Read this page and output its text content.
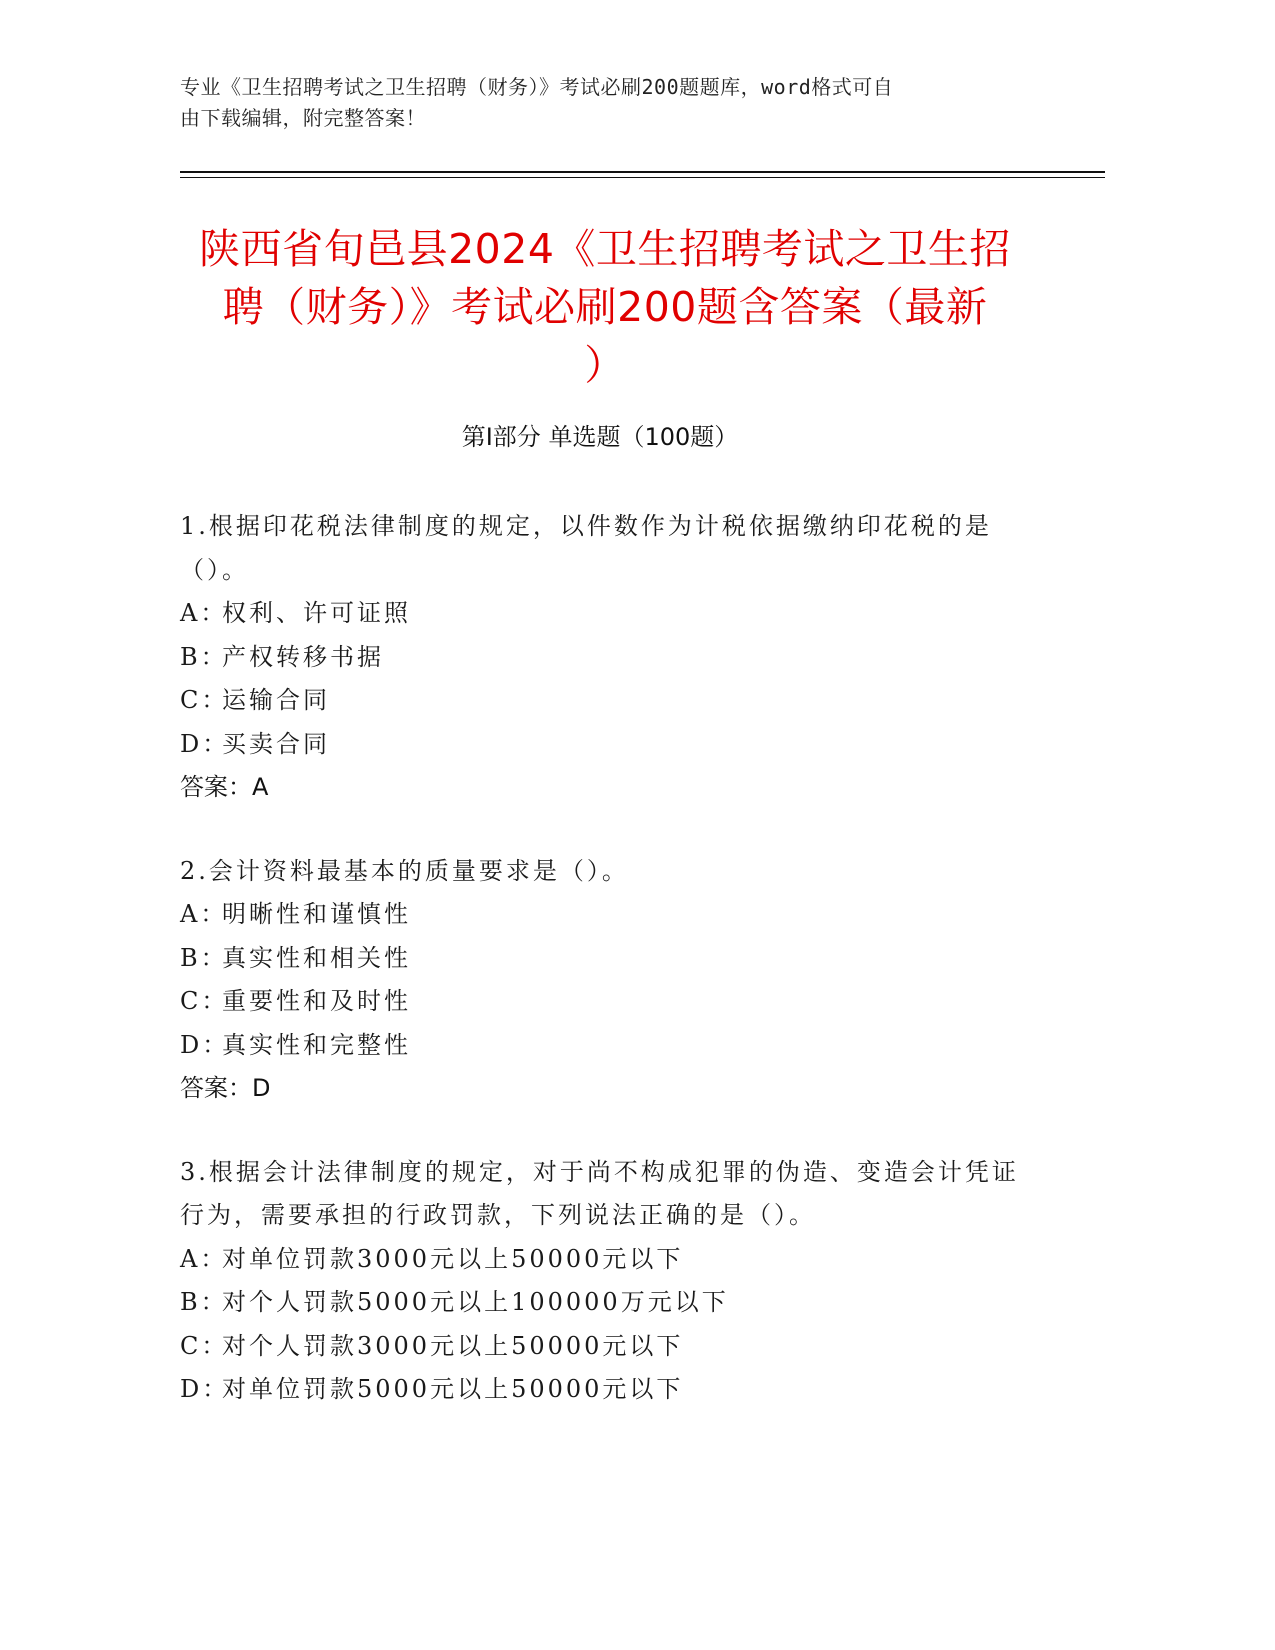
专业《卫生招聘考试之卫生招聘（财务）》考试必刷200题题库，word格式可自
由下载编辑，附完整答案！
陕西省旬邑县2024《卫生招聘考试之卫生招
聘（财务）》考试必刷200题含答案（最新
）
第Ⅰ部分 单选题（100题）
1.根据印花税法律制度的规定，以件数作为计税依据缴纳印花税的是（）。
A：权利、许可证照
B：产权转移书据
C：运输合同
D：买卖合同
答案：A
2.会计资料最基本的质量要求是（）。
A：明晰性和谨慎性
B：真实性和相关性
C：重要性和及时性
D：真实性和完整性
答案：D
3.根据会计法律制度的规定，对于尚不构成犯罪的伪造、变造会计凭证行为，需要承担的行政罚款，下列说法正确的是（）。
A：对单位罚款3000元以上50000元以下
B：对个人罚款5000元以上100000万元以下
C：对个人罚款3000元以上50000元以下
D：对单位罚款5000元以上50000元以下
